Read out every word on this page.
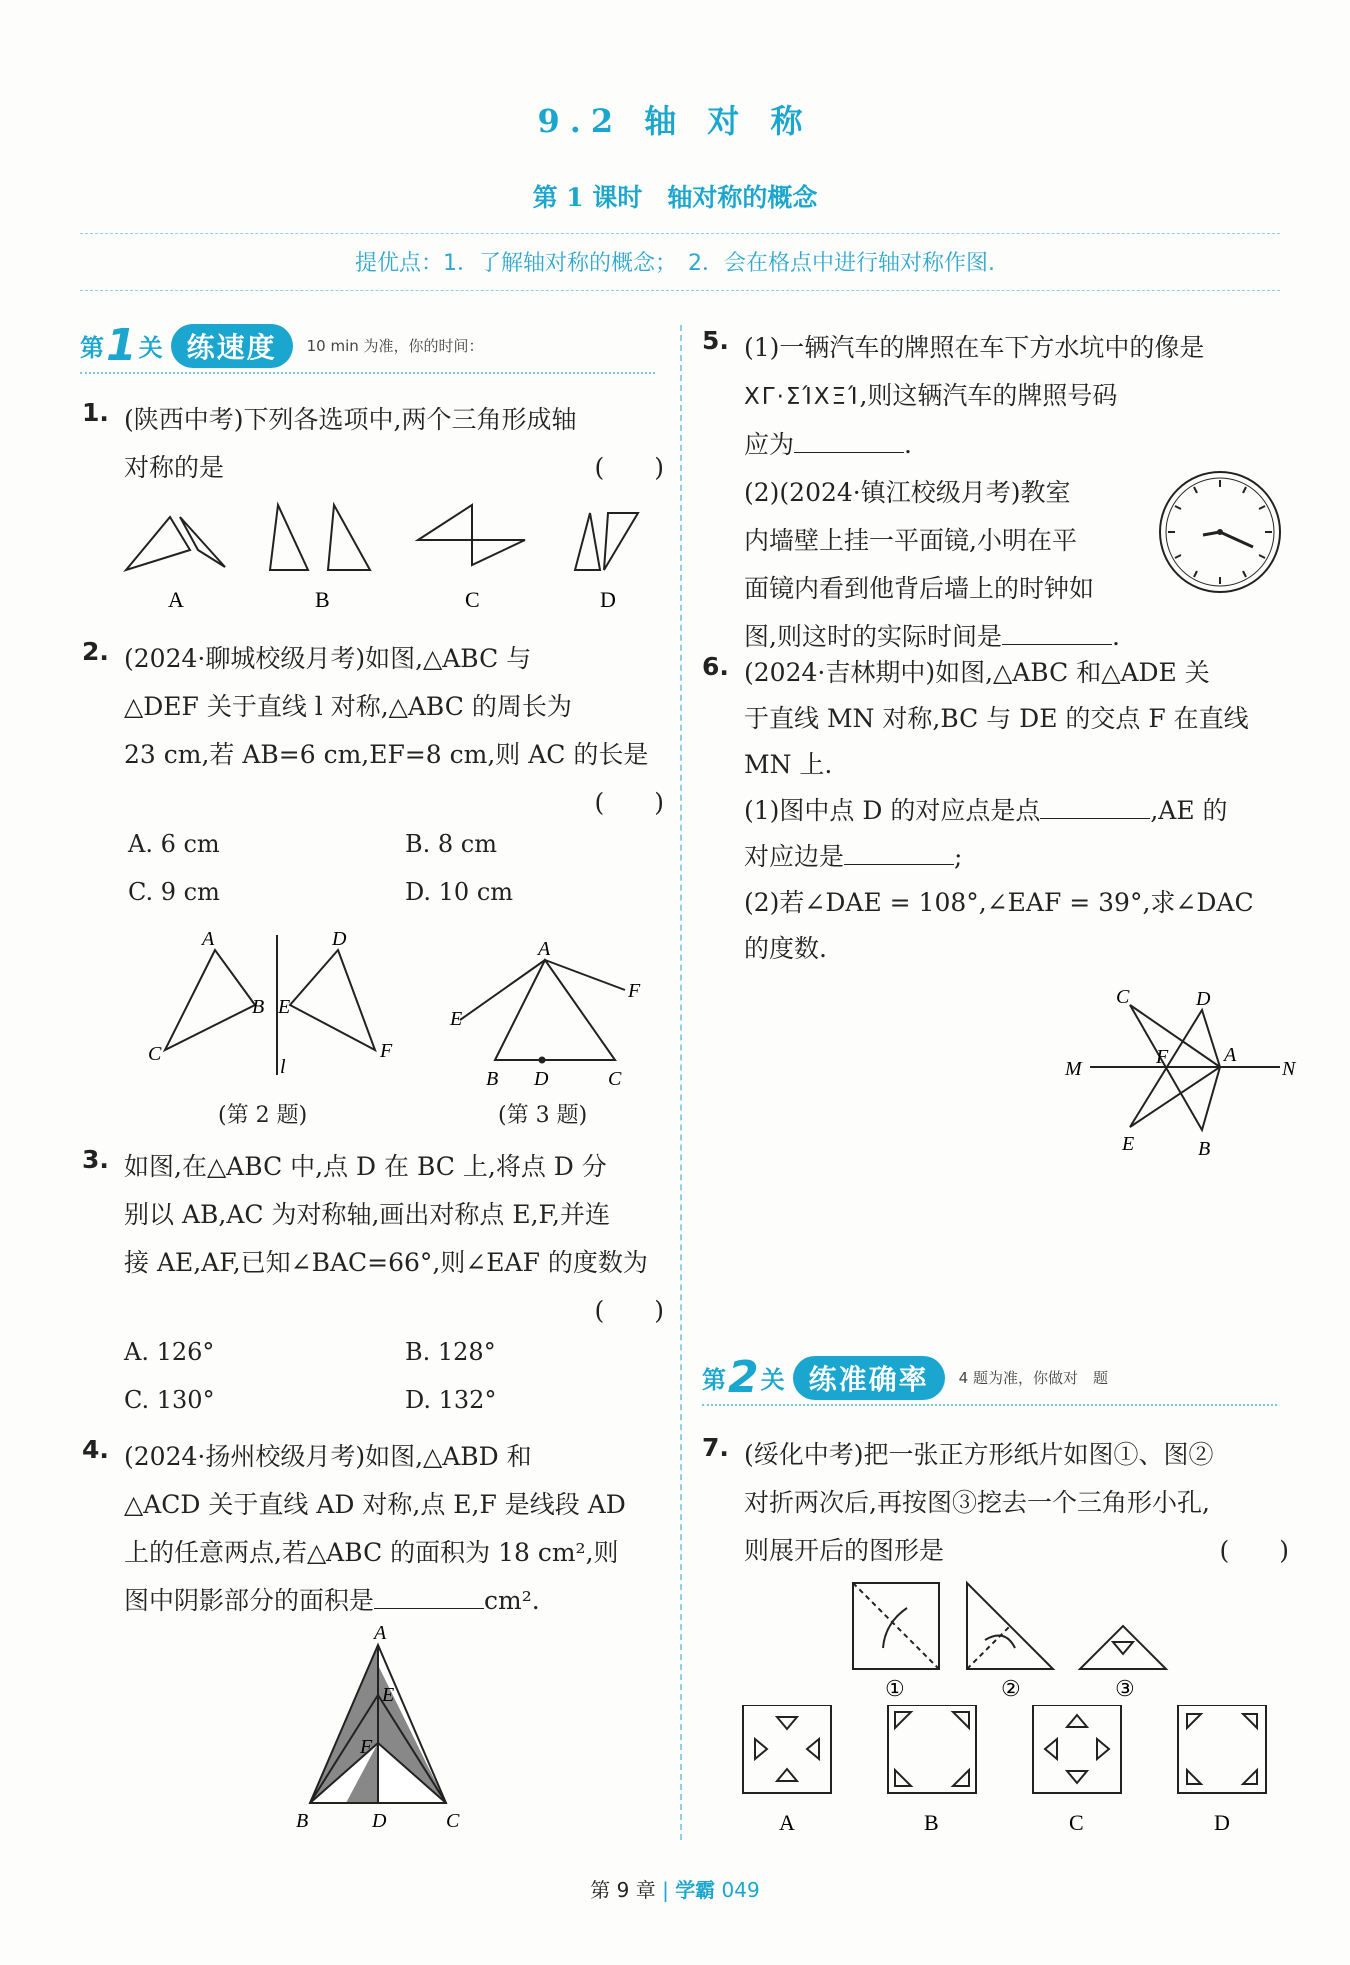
9.2 轴 对 称
第 1 课时　轴对称的概念
提优点：1．了解轴对称的概念；　2．会在格点中进行轴对称作图.
第 1 关 练速度	10 min 为准，你的时间：
1. (陕西中考)下列各选项中,两个三角形成轴
对称的是	(　　)
A	B	C	D
2. (2024·聊城校级月考)如图,△ABC 与
△DEF 关于直线 l 对称,△ABC 的周长为
23 cm,若 AB=6 cm,EF=8 cm,则 AC 的长是
(　　)
A. 6 cm	B. 8 cm
C. 9 cm	D. 10 cm
A
B
C
D
E
F
l
(第 2 题)
A
B	C
D
E
F
(第 3 题)
3. 如图,在△ABC 中,点 D 在 BC 上,将点 D 分
别以 AB,AC 为对称轴,画出对称点 E,F,并连
接 AE,AF,已知∠BAC=66°,则∠EAF 的度数为
(　　)
A. 126°	B. 128°
C. 130°	D. 132°
4. (2024·扬州校级月考)如图,△ABD 和
△ACD 关于直线 AD 对称,点 E,F 是线段 AD
上的任意两点,若△ABC 的面积为 18 cm²,则
图中阴影部分的面积是	cm².
A
B	C
D
E
F
5. (1)一辆汽车的牌照在车下方水坑中的像是
ΧΓ·ΣΊΧΞΊ,则这辆汽车的牌照号码
应为	.
(2)(2024·镇江校级月考)教室
内墙壁上挂一平面镜,小明在平
面镜内看到他背后墙上的时钟如
图,则这时的实际时间是	.
6. (2024·吉林期中)如图,△ABC 和△ADE 关
于直线 MN 对称,BC 与 DE 的交点 F 在直线
MN 上.
(1)图中点 D 的对应点是点	,AE 的
对应边是	;
(2)若∠DAE = 108°,∠EAF = 39°,求∠DAC
的度数.
M	N
A
B
C	D
E
F
第 2 关 练准确率	4 题为准，你做对　题
7. (绥化中考)把一张正方形纸片如图①、图②
对折两次后,再按图③挖去一个三角形小孔,
则展开后的图形是	(　　)
①	②	③
A	B	C	D
第 9 章 | 学霸 049
